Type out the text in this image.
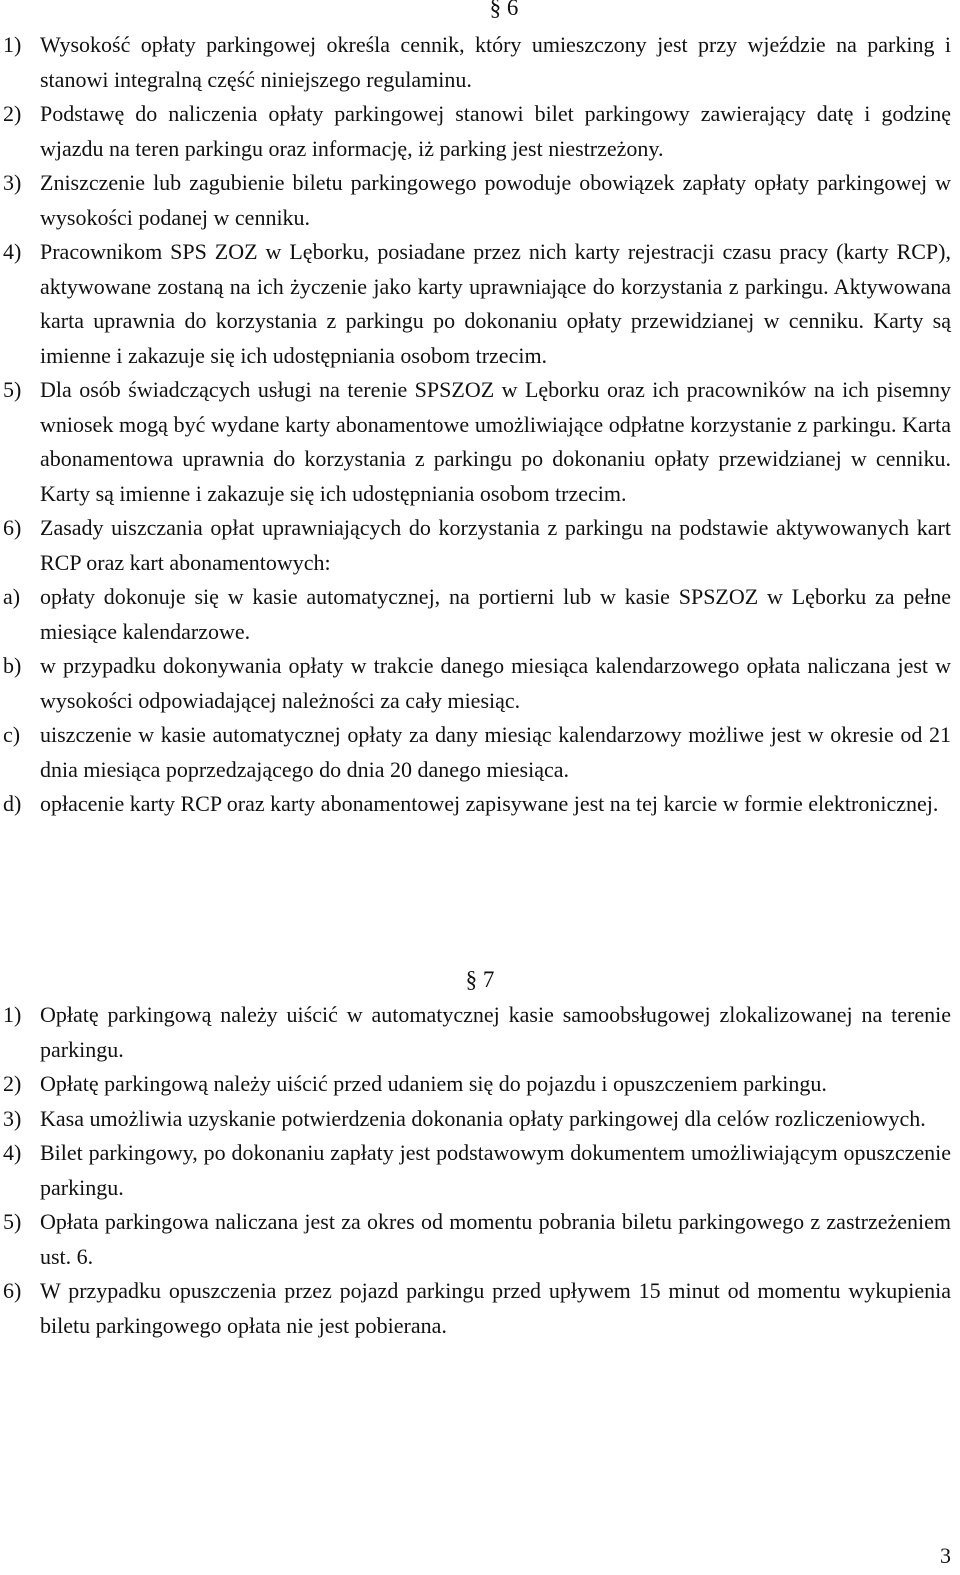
§ 6
1) Wysokość opłaty parkingowej określa cennik, który umieszczony jest przy wjeździe na parking i stanowi integralną część niniejszego regulaminu.
2) Podstawę do naliczenia opłaty parkingowej stanowi bilet parkingowy zawierający datę i godzinę wjazdu na teren parkingu oraz informację, iż parking jest niestrzeżony.
3) Zniszczenie lub zagubienie biletu parkingowego powoduje obowiązek zapłaty opłaty parkingowej w wysokości podanej w cenniku.
4) Pracownikom SPS ZOZ w Lęborku, posiadane przez nich karty rejestracji czasu pracy (karty RCP), aktywowane zostaną na ich życzenie jako karty uprawniające do korzystania z parkingu. Aktywowana karta uprawnia do korzystania z parkingu po dokonaniu opłaty przewidzianej w cenniku. Karty są imienne i zakazuje się ich udostępniania osobom trzecim.
5) Dla osób świadczących usługi na terenie SPSZOZ w Lęborku oraz ich pracowników na ich pisemny wniosek mogą być wydane karty abonamentowe umożliwiające odpłatne korzystanie z parkingu. Karta abonamentowa uprawnia do korzystania z parkingu po dokonaniu opłaty przewidzianej w cenniku. Karty są imienne i zakazuje się ich udostępniania osobom trzecim.
6) Zasady uiszczania opłat uprawniających do korzystania z parkingu na podstawie aktywowanych kart RCP oraz kart abonamentowych:
a) opłaty dokonuje się w kasie automatycznej, na portierni lub w kasie SPSZOZ w Lęborku za pełne miesiące kalendarzowe.
b) w przypadku dokonywania opłaty w trakcie danego miesiąca kalendarzowego opłata naliczana jest w wysokości odpowiadającej należności za cały miesiąc.
c) uiszczenie w kasie automatycznej opłaty za dany miesiąc kalendarzowy możliwe jest w okresie od 21 dnia miesiąca poprzedzającego do dnia 20 danego miesiąca.
d) opłacenie karty RCP oraz karty abonamentowej zapisywane jest na tej karcie w formie elektronicznej.
§ 7
1) Opłatę parkingową należy uiścić w automatycznej kasie samoobsługowej zlokalizowanej na terenie parkingu.
2) Opłatę parkingową należy uiścić przed udaniem się do pojazdu i opuszczeniem parkingu.
3) Kasa umożliwia uzyskanie potwierdzenia dokonania opłaty parkingowej dla celów rozliczeniowych.
4) Bilet parkingowy, po dokonaniu zapłaty jest podstawowym dokumentem umożliwiającym opuszczenie parkingu.
5) Opłata parkingowa naliczana jest za okres od momentu pobrania biletu parkingowego z zastrzeżeniem ust. 6.
6) W przypadku opuszczenia przez pojazd parkingu przed upływem 15 minut od momentu wykupienia biletu parkingowego opłata nie jest pobierana.
3
